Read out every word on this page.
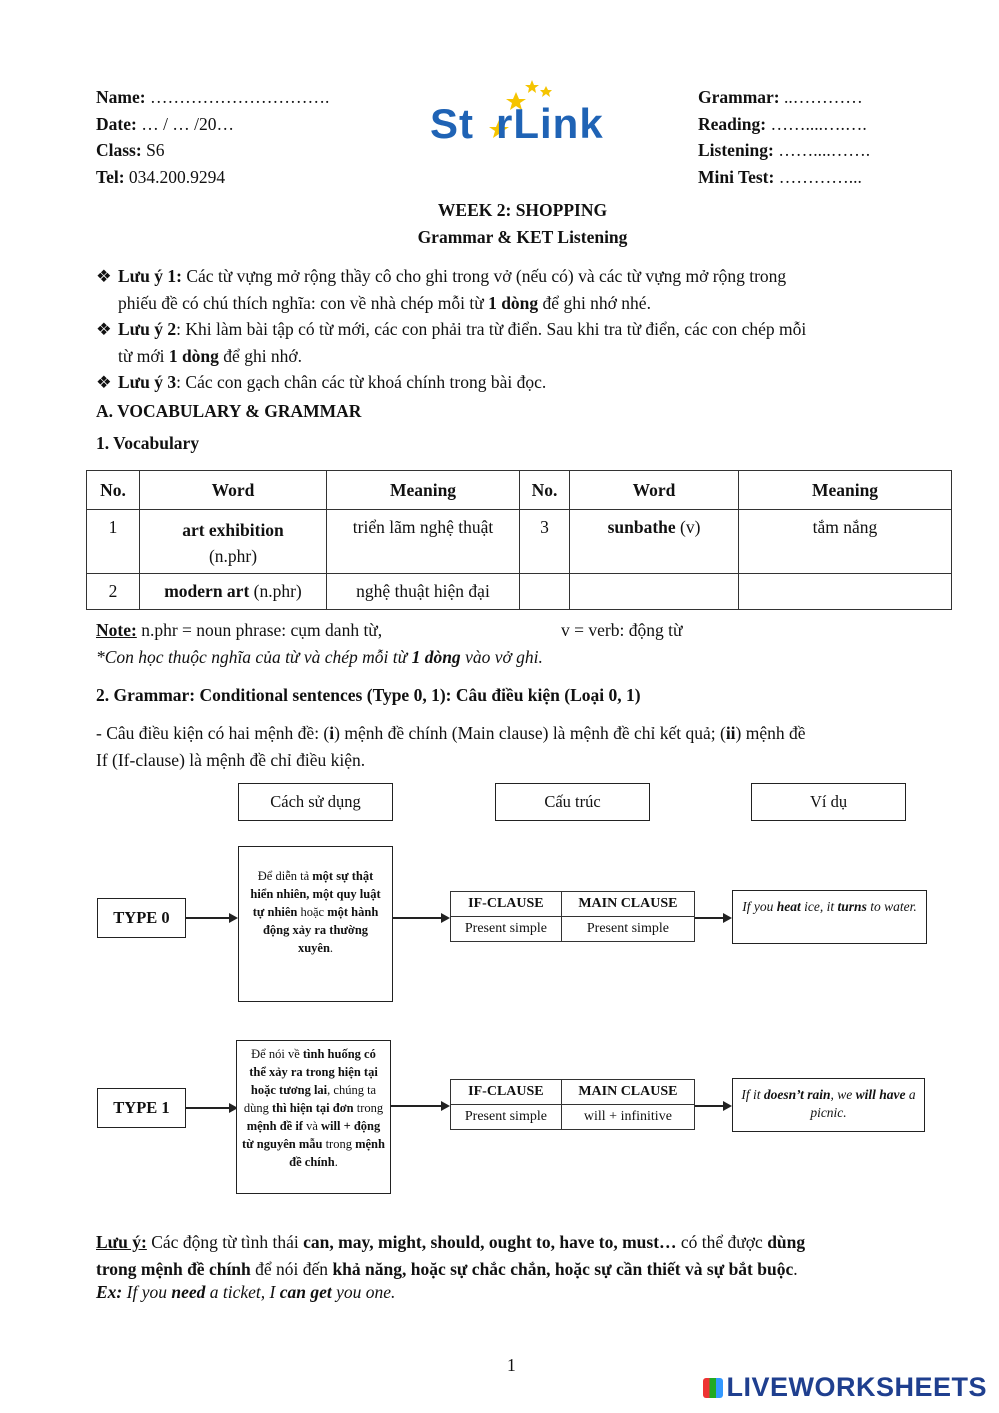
Name: ………………………….
Date: … / … /20…
Class: S6
Tel: 034.200.9294
St rLink
Grammar: ..…………
Reading: ……....….….
Listening: ……....…….
Mini Test: …………...
WEEK 2: SHOPPING
Grammar & KET Listening
❖ Lưu ý 1: Các từ vựng mở rộng thầy cô cho ghi trong vở (nếu có) và các từ vựng mở rộng trong
phiếu đề có chú thích nghĩa: con về nhà chép mỗi từ 1 dòng để ghi nhớ nhé.
❖ Lưu ý 2: Khi làm bài tập có từ mới, các con phải tra từ điển. Sau khi tra từ điển, các con chép mỗi
từ mới 1 dòng để ghi nhớ.
❖ Lưu ý 3: Các con gạch chân các từ khoá chính trong bài đọc.
A. VOCABULARY & GRAMMAR
1. Vocabulary
No.	Word	Meaning	No.	Word	Meaning
1	art exhibition
(n.phr)	triển lãm nghệ thuật	3	sunbathe (v)	tắm nắng
2	modern art (n.phr)	nghệ thuật hiện đại			
Note: n.phr = noun phrase: cụm danh từ,	v = verb: động từ
*Con học thuộc nghĩa của từ và chép mỗi từ 1 dòng vào vở ghi.
2. Grammar: Conditional sentences (Type 0, 1): Câu điều kiện (Loại 0, 1)
- Câu điều kiện có hai mệnh đề: (i) mệnh đề chính (Main clause) là mệnh đề chỉ kết quả; (ii) mệnh đề
If (If-clause) là mệnh đề chỉ điều kiện.
Cách sử dụng	Cấu trúc	Ví dụ
TYPE 0
Để diễn tả một sự thật hiển nhiên, một quy luật tự nhiên hoặc một hành động xảy ra thường xuyên.
IF-CLAUSE	MAIN CLAUSE
Present simple	Present simple
If you heat ice, it turns to water.
TYPE 1
Để nói về tình huống có thể xảy ra trong hiện tại hoặc tương lai, chúng ta dùng thì hiện tại đơn trong mệnh đề if và will + động từ nguyên mẫu trong mệnh đề chính.
IF-CLAUSE	MAIN CLAUSE
Present simple	will + infinitive
If it doesn’t rain, we will have a picnic.
Lưu ý: Các động từ tình thái can, may, might, should, ought to, have to, must… có thể được dùng
trong mệnh đề chính để nói đến khả năng, hoặc sự chắc chắn, hoặc sự cần thiết và sự bắt buộc.
Ex: If you need a ticket, I can get you one.
1
LIVEWORKSHEETS
